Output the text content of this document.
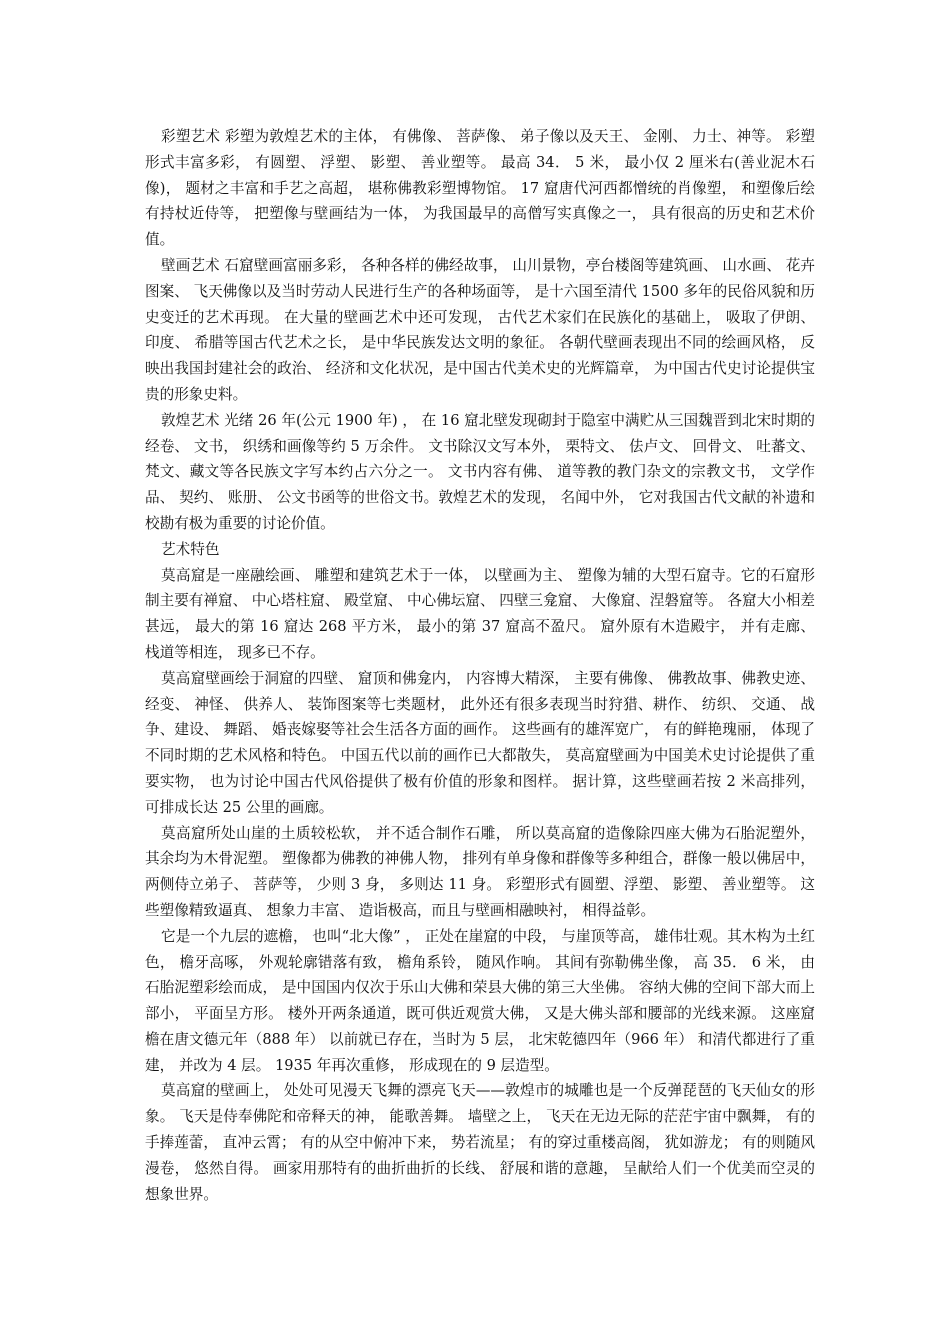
彩塑艺术 彩塑为敦煌艺术的主体， 有佛像、 菩萨像、 弟子像以及天王、 金刚、 力士、神等。 彩塑形式丰富多彩， 有圆塑、 浮塑、 影塑、 善业塑等。 最高 34． 5 米， 最小仅 2 厘米右(善业泥木石像)， 题材之丰富和手艺之高超， 堪称佛教彩塑博物馆。 17 窟唐代河西都憎统的肖像塑， 和塑像后绘有持杖近侍等， 把塑像与壁画结为一体， 为我国最早的高僧写实真像之一， 具有很高的历史和艺术价值。

壁画艺术 石窟壁画富丽多彩， 各种各样的佛经故事， 山川景物，亭台楼阁等建筑画、 山水画、 花卉图案、 飞天佛像以及当时劳动人民进行生产的各种场面等， 是十六国至清代 1500 多年的民俗风貌和历史变迁的艺术再现。 在大量的壁画艺术中还可发现， 古代艺术家们在民族化的基础上， 吸取了伊朗、 印度、 希腊等国古代艺术之长， 是中华民族发达文明的象征。 各朝代壁画表现出不同的绘画风格， 反映出我国封建社会的政治、 经济和文化状况，是中国古代美术史的光辉篇章， 为中国古代史讨论提供宝贵的形象史料。

敦煌艺术 光绪 26 年(公元 1900 年) ， 在 16 窟北壁发现砌封于隐室中满贮从三国魏晋到北宋时期的经卷、 文书， 织绣和画像等约 5 万余件。 文书除汉文写本外， 栗特文、 佉卢文、 回骨文、 吐蕃文、 梵文、藏文等各民族文字写本约占六分之一。 文书内容有佛、 道等教的教门杂文的宗教文书， 文学作品、 契约、 账册、 公文书函等的世俗文书。敦煌艺术的发现， 名闻中外， 它对我国古代文献的补遗和校勘有极为重要的讨论价值。

艺术特色

莫高窟是一座融绘画、 雕塑和建筑艺术于一体， 以壁画为主、 塑像为辅的大型石窟寺。它的石窟形制主要有禅窟、 中心塔柱窟、 殿堂窟、 中心佛坛窟、 四壁三龛窟、 大像窟、涅磐窟等。 各窟大小相差甚远， 最大的第 16 窟达 268 平方米， 最小的第 37 窟高不盈尺。 窟外原有木造殿宇， 并有走廊、 栈道等相连， 现多已不存。

莫高窟壁画绘于洞窟的四壁、 窟顶和佛龛内， 内容博大精深， 主要有佛像、 佛教故事、佛教史迹、 经变、 神怪、 供养人、 装饰图案等七类题材， 此外还有很多表现当时狩猎、耕作、 纺织、 交通、 战争、建设、 舞蹈、 婚丧嫁娶等社会生活各方面的画作。 这些画有的雄浑宽广， 有的鲜艳瑰丽， 体现了不同时期的艺术风格和特色。 中国五代以前的画作已大都散失， 莫高窟壁画为中国美术史讨论提供了重要实物， 也为讨论中国古代风俗提供了极有价值的形象和图样。 据计算，这些壁画若按 2 米高排列， 可排成长达 25 公里的画廊。

莫高窟所处山崖的土质较松软， 并不适合制作石雕， 所以莫高窟的造像除四座大佛为石胎泥塑外， 其余均为木骨泥塑。 塑像都为佛教的神佛人物， 排列有单身像和群像等多种组合，群像一般以佛居中，两侧侍立弟子、 菩萨等， 少则 3 身， 多则达 11 身。 彩塑形式有圆塑、浮塑、 影塑、 善业塑等。 这些塑像精致逼真、 想象力丰富、 造诣极高，而且与壁画相融映衬， 相得益彰。

它是一个九层的遮檐， 也叫“北大像” ， 正处在崖窟的中段， 与崖顶等高， 雄伟壮观。其木构为土红色， 檐牙高啄， 外观轮廓错落有致， 檐角系铃， 随风作响。 其间有弥勒佛坐像， 高 35． 6 米， 由石胎泥塑彩绘而成， 是中国国内仅次于乐山大佛和荣县大佛的第三大坐佛。 容纳大佛的空间下部大而上部小， 平面呈方形。 楼外开两条通道，既可供近观赏大佛， 又是大佛头部和腰部的光线来源。 这座窟檐在唐文德元年（888 年） 以前就已存在，当时为 5 层， 北宋乾德四年（966 年） 和清代都进行了重建， 并改为 4 层。 1935 年再次重修， 形成现在的 9 层造型。

莫高窟的壁画上， 处处可见漫天飞舞的漂亮飞天——敦煌市的城雕也是一个反弹琵琶的飞天仙女的形象。 飞天是侍奉佛陀和帝释天的神， 能歌善舞。 墙壁之上， 飞天在无边无际的茫茫宇宙中飘舞， 有的手捧莲蕾， 直冲云霄； 有的从空中俯冲下来， 势若流星； 有的穿过重楼高阁， 犹如游龙； 有的则随风漫卷， 悠然自得。 画家用那特有的曲折曲折的长线、 舒展和谐的意趣， 呈献给人们一个优美而空灵的想象世界。
